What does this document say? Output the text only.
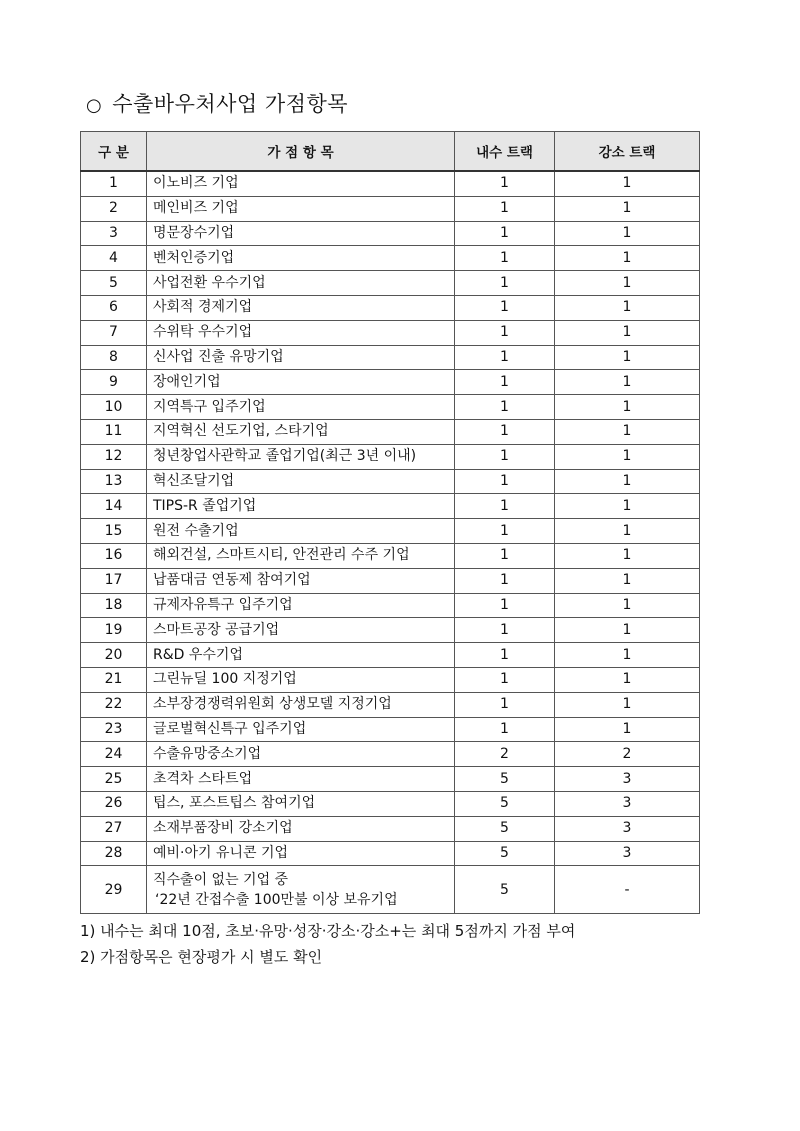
○ 수출바우처사업 가점항목
구 분	가 점 항 목	내수 트랙	강소 트랙
1	이노비즈 기업	1	1
2	메인비즈 기업	1	1
3	명문장수기업	1	1
4	벤처인증기업	1	1
5	사업전환 우수기업	1	1
6	사회적 경제기업	1	1
7	수위탁 우수기업	1	1
8	신사업 진출 유망기업	1	1
9	장애인기업	1	1
10	지역특구 입주기업	1	1
11	지역혁신 선도기업, 스타기업	1	1
12	청년창업사관학교 졸업기업(최근 3년 이내)	1	1
13	혁신조달기업	1	1
14	TIPS-R 졸업기업	1	1
15	원전 수출기업	1	1
16	해외건설, 스마트시티, 안전관리 수주 기업	1	1
17	납품대금 연동제 참여기업	1	1
18	규제자유특구 입주기업	1	1
19	스마트공장 공급기업	1	1
20	R&D 우수기업	1	1
21	그린뉴딜 100 지정기업	1	1
22	소부장경쟁력위원회 상생모델 지정기업	1	1
23	글로벌혁신특구 입주기업	1	1
24	수출유망중소기업	2	2
25	초격차 스타트업	5	3
26	팁스, 포스트팁스 참여기업	5	3
27	소재부품장비 강소기업	5	3
28	예비·아기 유니콘 기업	5	3
29	직수출이 없는 기업 중
‘22년 간접수출 100만불 이상 보유기업	5	-
1) 내수는 최대 10점, 초보·유망·성장·강소·강소+는 최대 5점까지 가점 부여
2) 가점항목은 현장평가 시 별도 확인
